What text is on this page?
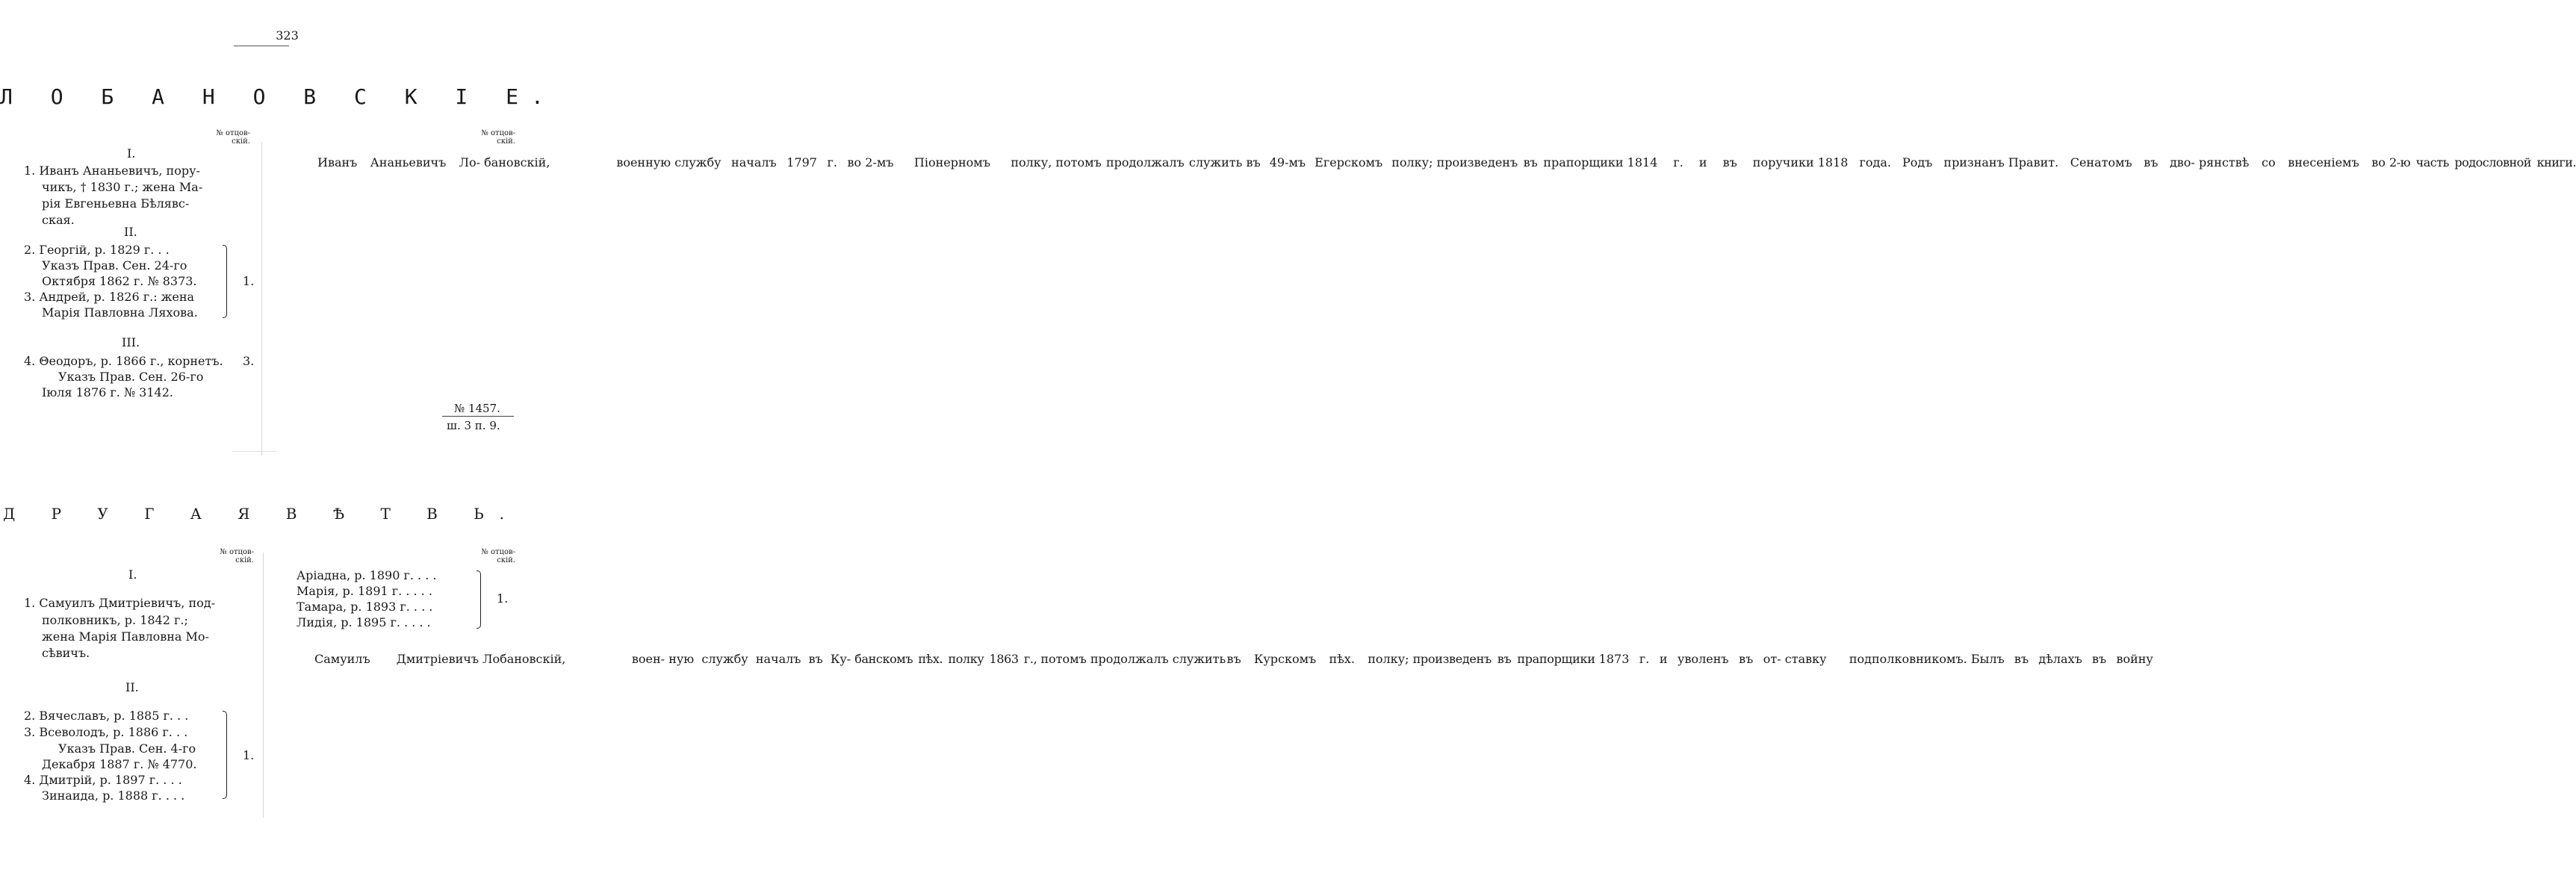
323
Л О Б А Н О В С К І Е.
№ отцов-
скій.
№ отцов-
скій.
I.
1. Иванъ Ананьевичъ, пору-
чикъ, † 1830 г.; жена Ма-
рія Евгеньевна Бѣлявс-
ская.
II.
2. Георгій, р. 1829 г. . .
Указъ Прав. Сен. 24-го
Октября 1862 г. № 8373.
3. Андрей, р. 1826 г.: жена
Марія Павловна Ляхова.
1.
III.
4. Θеодоръ, р. 1866 г., корнетъ.
Указъ Прав. Сен. 26-го
Іюля 1876 г. № 3142.
3.
Иванъ Ананьевичъ Ло- бановскій, военную службу началъ 1797 г. во 2-мъ Піонерномъ полку, потомъ продолжалъ служить въ 49-мъ Егерскомъ полку; произведенъ въ прапорщики 1814 г. и въ поручики 1818 года. Родъ признанъ Правит. Сенатомъ въ дво- рянствѣ со внесеніемъ во 2-ю часть родословной книги.
№ 1457.
ш. 3 п. 9.
Д Р У Г А Я В Ѣ Т В Ь.
№ отцов-
скій.
№ отцов-
скій.
I.
1. Самуилъ Дмитріевичъ, под-
полковникъ, р. 1842 г.;
жена Марія Павловна Мо-
сѣвичъ.
II.
2. Вячеславъ, р. 1885 г. . .
3. Всеволодъ, р. 1886 г. . .
Указъ Прав. Сен. 4-го
Декабря 1887 г. № 4770.
4. Дмитрій, р. 1897 г. . . .
Зинаида, р. 1888 г. . . .
1.
Аріадна, р. 1890 г. . . .
Марія, р. 1891 г. . . . .
Тамара, р. 1893 г. . . .
Лидія, р. 1895 г. . . . .
1.
Самуилъ Дмитріевичъ Лобановскій, воен- ную службу началъ въ Ку- банскомъ пѣх. полку 1863 г., потомъ продолжалъ служить въ Курскомъ пѣх. полку; произведенъ въ прапорщики 1873 г. и уволенъ въ от- ставку подполковникомъ. Былъ въ дѣлахъ въ войну
